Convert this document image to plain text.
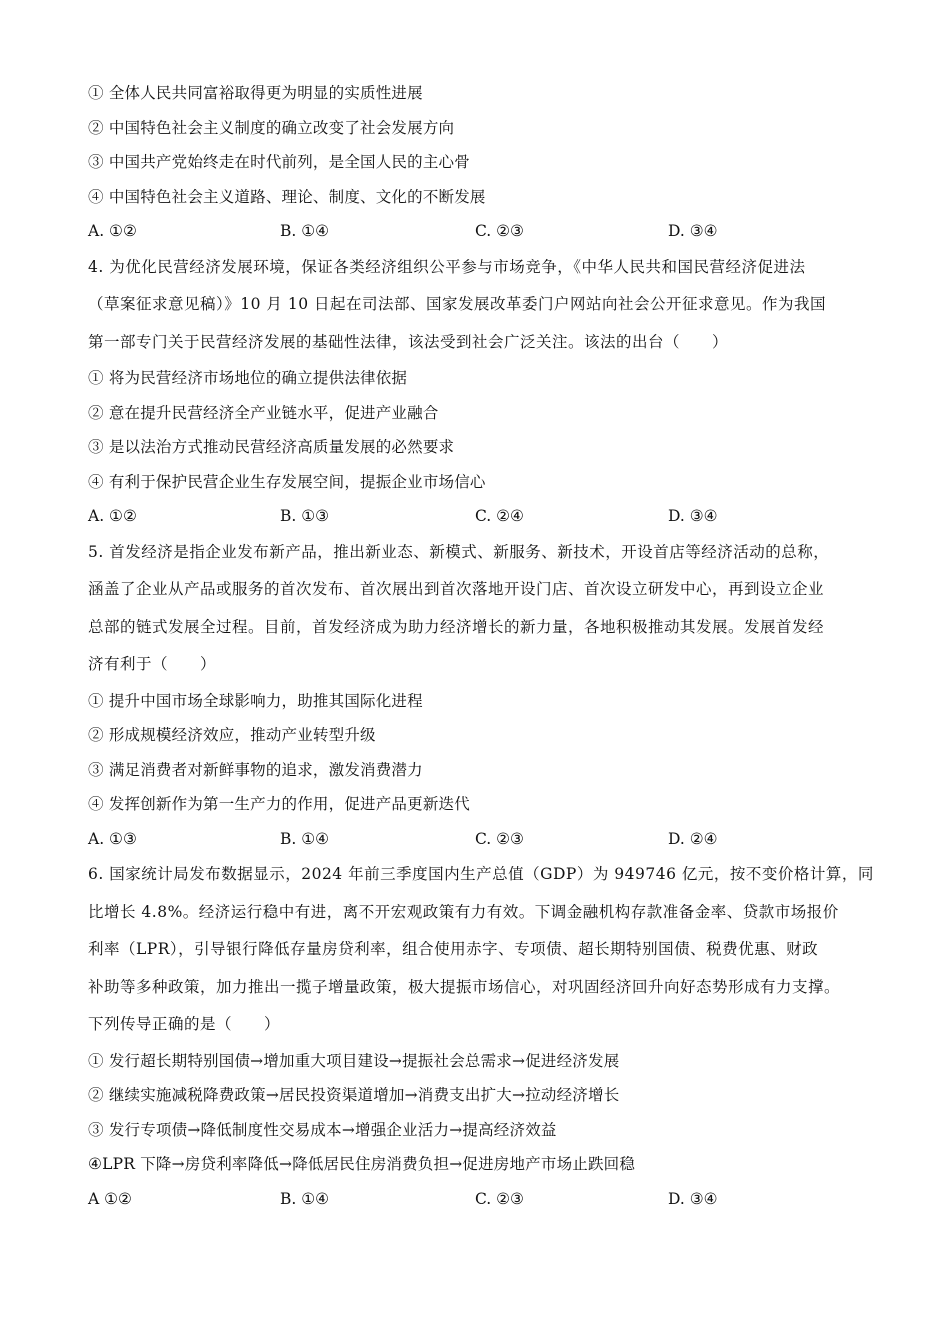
① 全体人民共同富裕取得更为明显的实质性进展
② 中国特色社会主义制度的确立改变了社会发展方向
③ 中国共产党始终走在时代前列，是全国人民的主心骨
④ 中国特色社会主义道路、理论、制度、文化的不断发展
A. ①②	B. ①④	C. ②③	D. ③④
4. 为优化民营经济发展环境，保证各类经济组织公平参与市场竞争，《中华人民共和国民营经济促进法
（草案征求意见稿）》10 月 10 日起在司法部、国家发展改革委门户网站向社会公开征求意见。作为我国
第一部专门关于民营经济发展的基础性法律，该法受到社会广泛关注。该法的出台（　　）
① 将为民营经济市场地位的确立提供法律依据
② 意在提升民营经济全产业链水平，促进产业融合
③ 是以法治方式推动民营经济高质量发展的必然要求
④ 有利于保护民营企业生存发展空间，提振企业市场信心
A. ①②	B. ①③	C. ②④	D. ③④
5. 首发经济是指企业发布新产品，推出新业态、新模式、新服务、新技术，开设首店等经济活动的总称，
涵盖了企业从产品或服务的首次发布、首次展出到首次落地开设门店、首次设立研发中心，再到设立企业
总部的链式发展全过程。目前，首发经济成为助力经济增长的新力量，各地积极推动其发展。发展首发经
济有利于（　　）
① 提升中国市场全球影响力，助推其国际化进程
② 形成规模经济效应，推动产业转型升级
③ 满足消费者对新鲜事物的追求，激发消费潜力
④ 发挥创新作为第一生产力的作用，促进产品更新迭代
A. ①③	B. ①④	C. ②③	D. ②④
6. 国家统计局发布数据显示，2024 年前三季度国内生产总值（GDP）为 949746 亿元，按不变价格计算，同
比增长 4.8%。经济运行稳中有进，离不开宏观政策有力有效。下调金融机构存款准备金率、贷款市场报价
利率（LPR），引导银行降低存量房贷利率，组合使用赤字、专项债、超长期特别国债、税费优惠、财政
补助等多种政策，加力推出一揽子增量政策，极大提振市场信心，对巩固经济回升向好态势形成有力支撑。
下列传导正确的是（　　）
① 发行超长期特别国债→增加重大项目建设→提振社会总需求→促进经济发展
② 继续实施减税降费政策→居民投资渠道增加→消费支出扩大→拉动经济增长
③ 发行专项债→降低制度性交易成本→增强企业活力→提高经济效益
④LPR 下降→房贷利率降低→降低居民住房消费负担→促进房地产市场止跌回稳
A ①②	B. ①④	C. ②③	D. ③④
